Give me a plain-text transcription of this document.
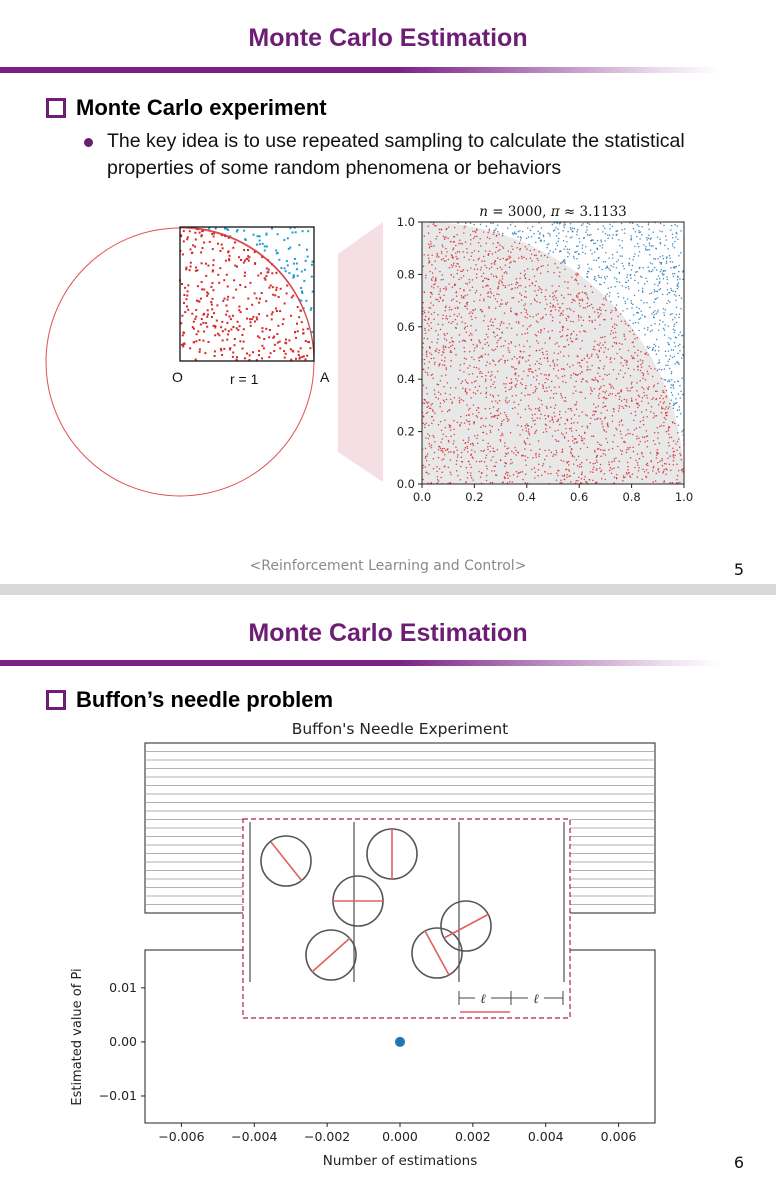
Monte Carlo Estimation
Monte Carlo experiment
The key idea is to use repeated sampling to calculate the statistical properties of some random phenomena or behaviors
O	r = 1	A
0.0	0.2	0.4	0.6	0.8	1.0
0.0
0.2
0.4
0.6
0.8
1.0
n = 3000, π ≈ 3.1133
<Reinforcement Learning and Control>	5
Monte Carlo Estimation
Buffon’s needle problem
Buffon's Needle Experiment
−0.006 −0.004 −0.002	0.000	0.002	0.004	0.006
−0.01
0.00
0.01
Number of estimations
Estimated value of Pi	ℓ	ℓ
6
